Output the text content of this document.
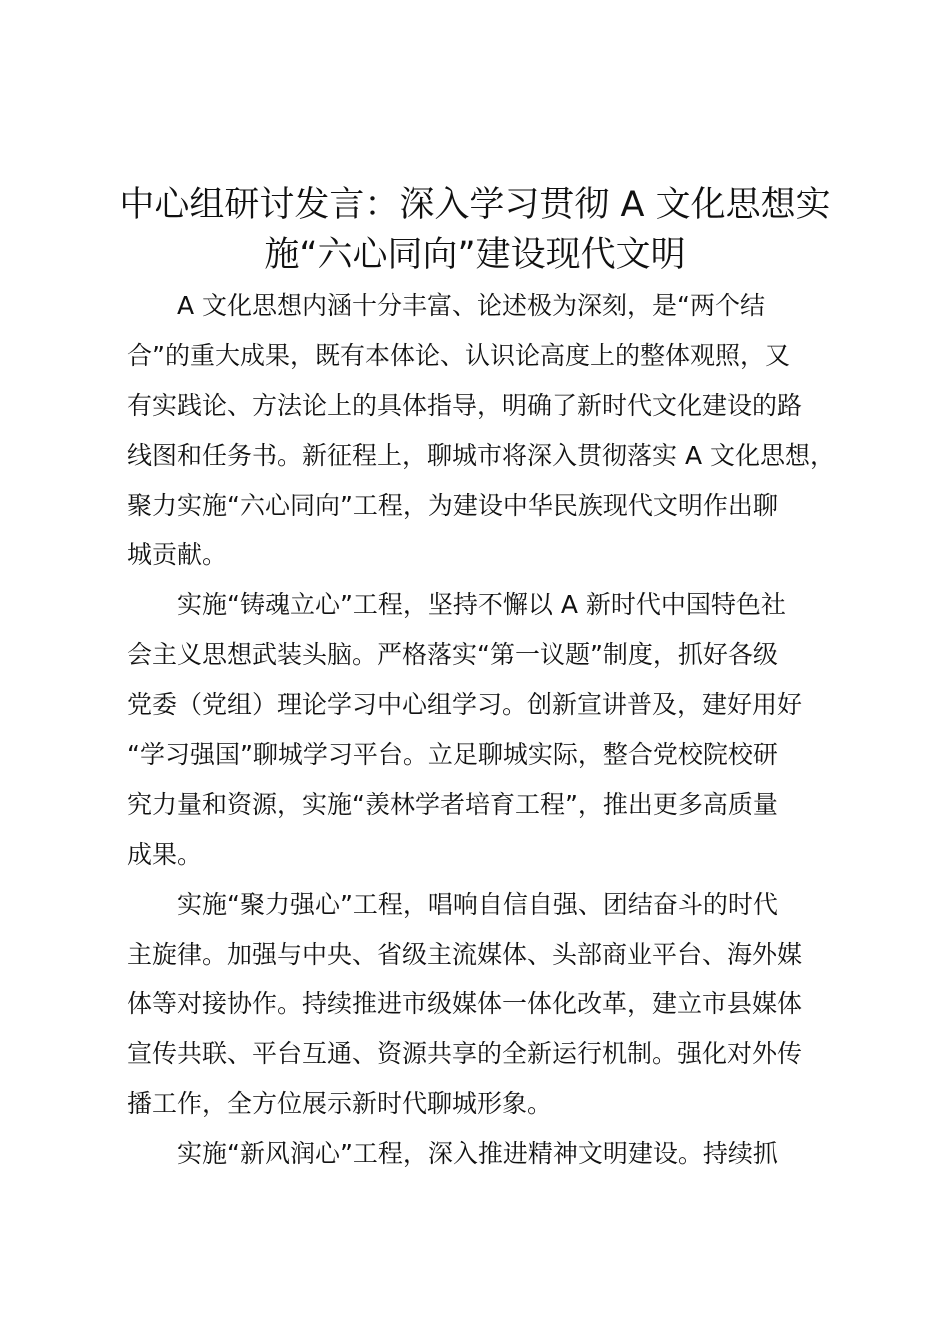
中心组研讨发言：深入学习贯彻 A 文化思想实
施“六心同向”建设现代文明
A 文化思想内涵十分丰富、论述极为深刻，是“两个结
合”的重大成果，既有本体论、认识论高度上的整体观照，又
有实践论、方法论上的具体指导，明确了新时代文化建设的路
线图和任务书。新征程上，聊城市将深入贯彻落实 A 文化思想，
聚力实施“六心同向”工程，为建设中华民族现代文明作出聊
城贡献。
实施“铸魂立心”工程，坚持不懈以 A 新时代中国特色社
会主义思想武装头脑。严格落实“第一议题”制度，抓好各级
党委（党组）理论学习中心组学习。创新宣讲普及，建好用好
“学习强国”聊城学习平台。立足聊城实际，整合党校院校研
究力量和资源，实施“羡林学者培育工程”，推出更多高质量
成果。
实施“聚力强心”工程，唱响自信自强、团结奋斗的时代
主旋律。加强与中央、省级主流媒体、头部商业平台、海外媒
体等对接协作。持续推进市级媒体一体化改革，建立市县媒体
宣传共联、平台互通、资源共享的全新运行机制。强化对外传
播工作，全方位展示新时代聊城形象。
实施“新风润心”工程，深入推进精神文明建设。持续抓
